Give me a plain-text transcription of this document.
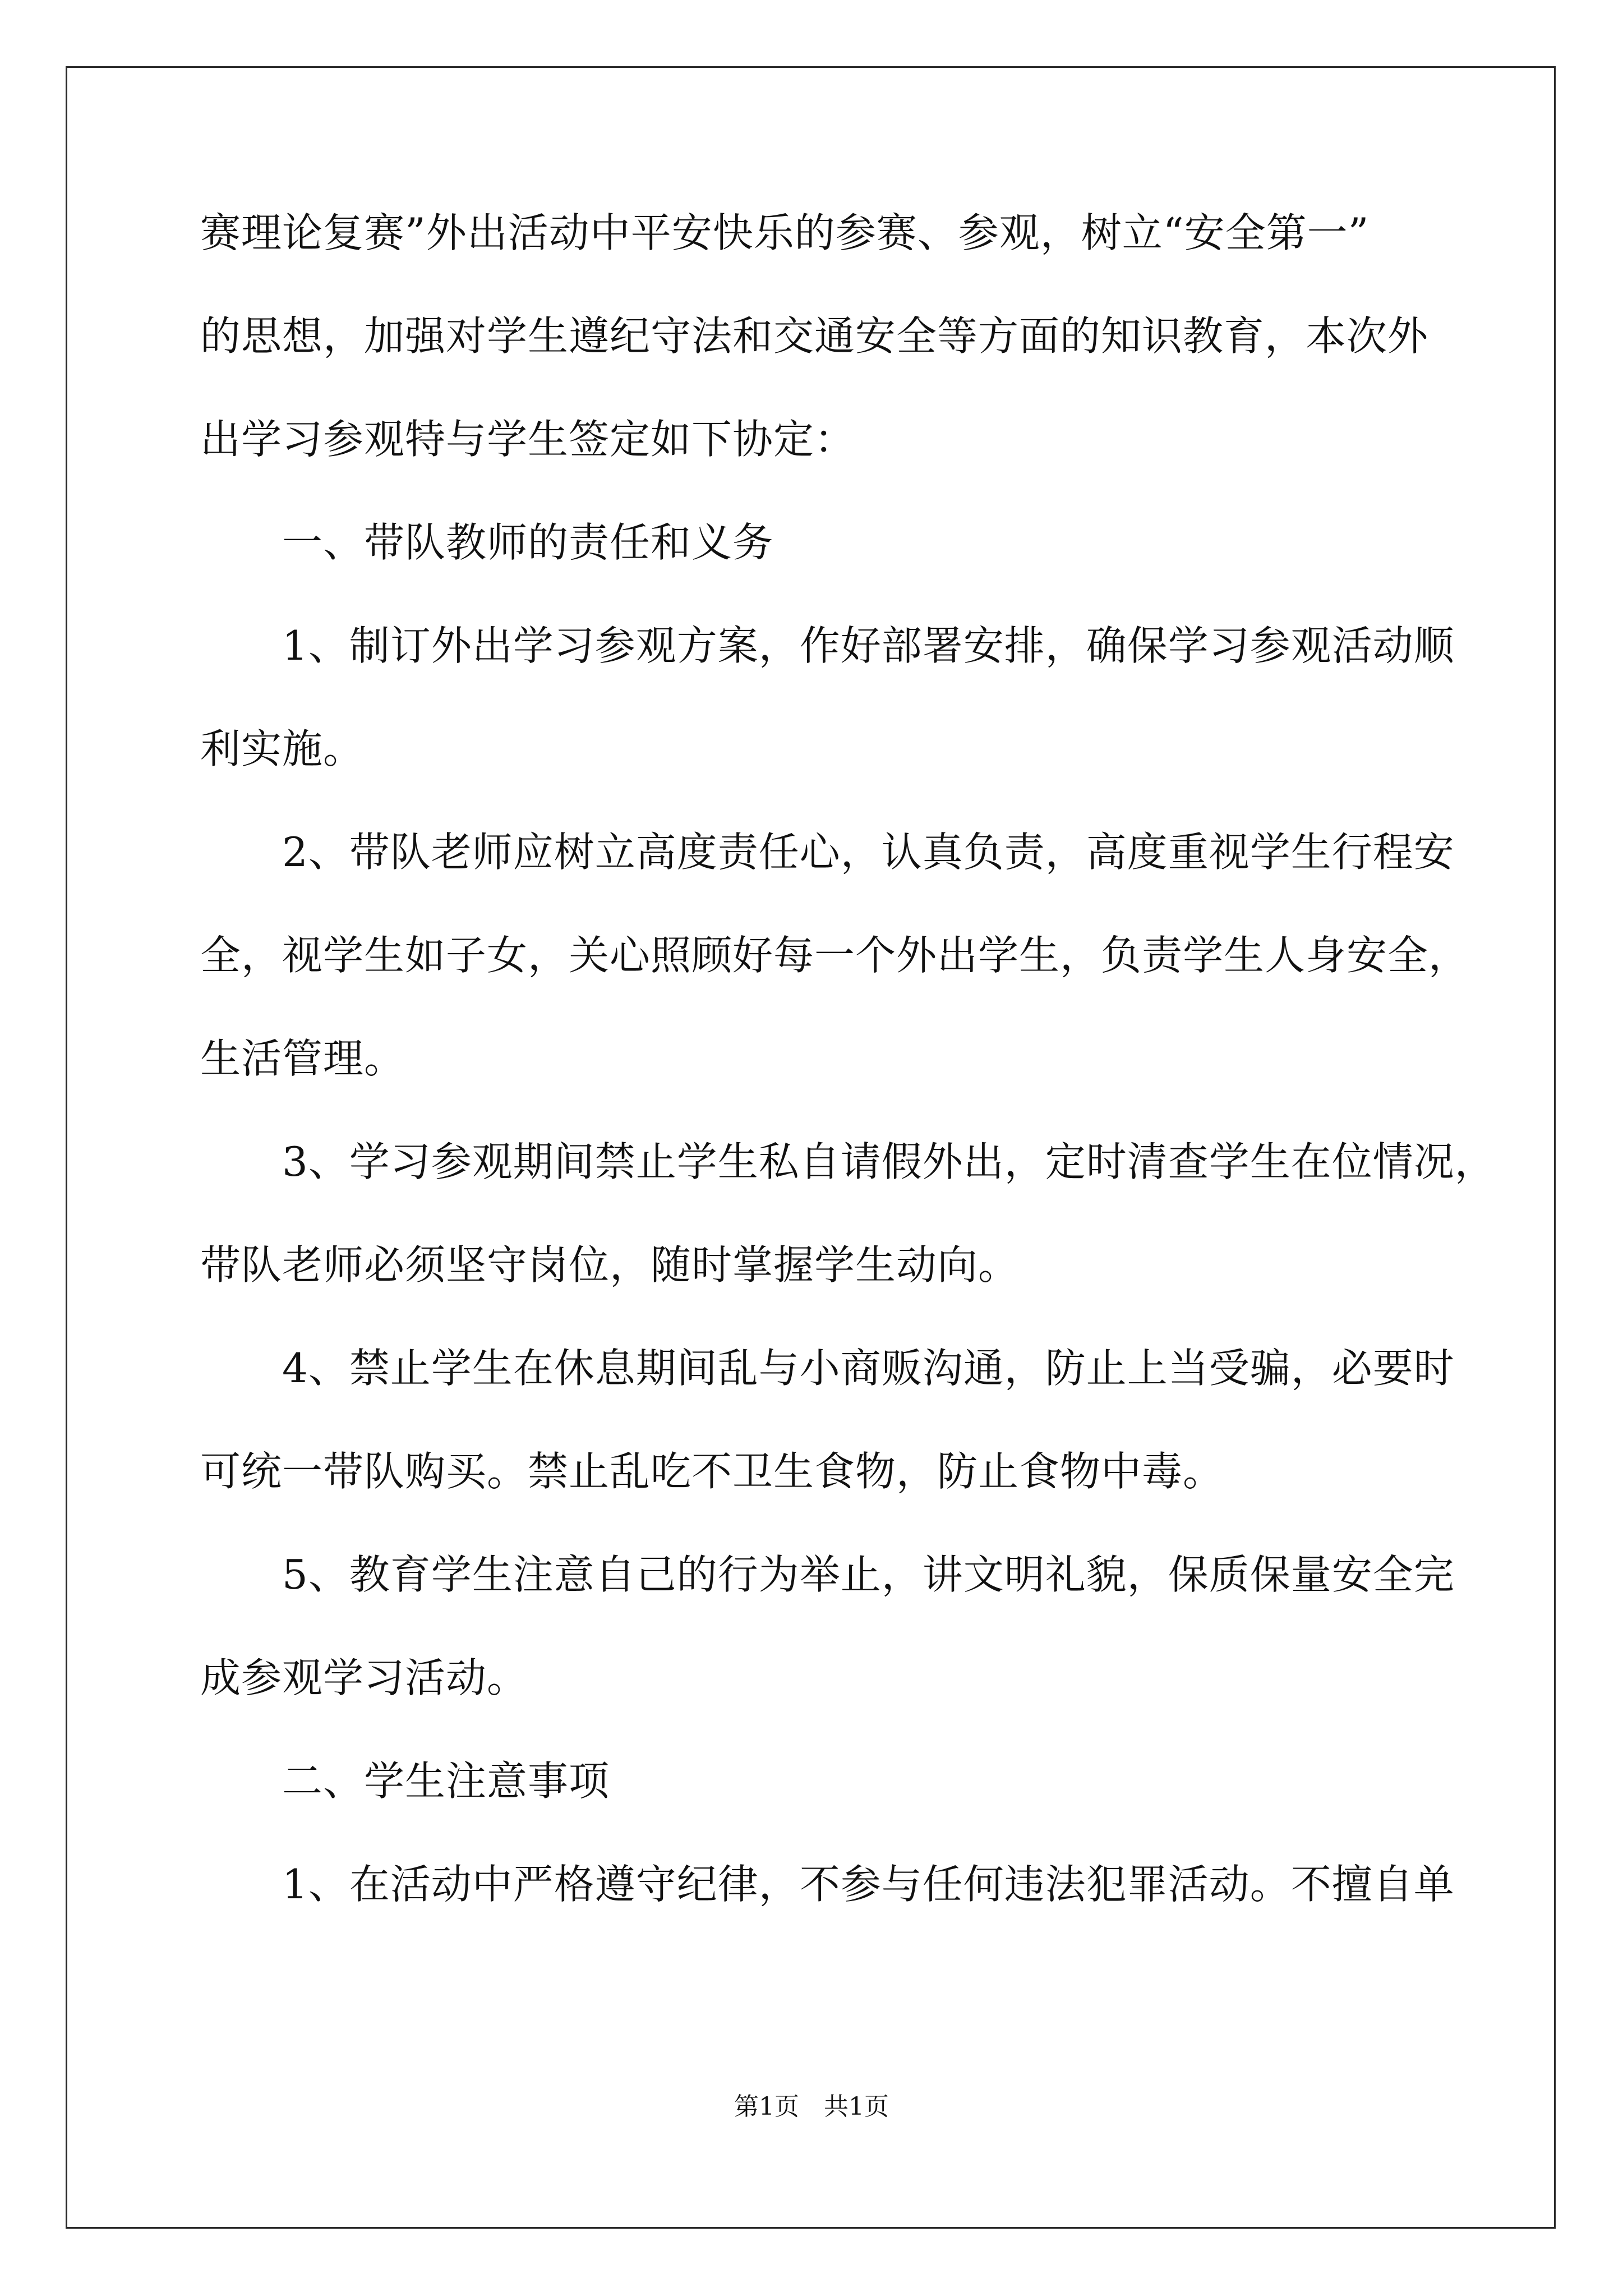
赛理论复赛”外出活动中平安快乐的参赛、参观，树立“安全第一”
的思想，加强对学生遵纪守法和交通安全等方面的知识教育，本次外
出学习参观特与学生签定如下协定：
　　一、带队教师的责任和义务
　　1、制订外出学习参观方案，作好部署安排，确保学习参观活动顺
利实施。
　　2、带队老师应树立高度责任心，认真负责，高度重视学生行程安
全，视学生如子女，关心照顾好每一个外出学生，负责学生人身安全，
生活管理。
　　3、学习参观期间禁止学生私自请假外出，定时清查学生在位情况，
带队老师必须坚守岗位，随时掌握学生动向。
　　4、禁止学生在休息期间乱与小商贩沟通，防止上当受骗，必要时
可统一带队购买。禁止乱吃不卫生食物，防止食物中毒。
　　5、教育学生注意自己的行为举止，讲文明礼貌，保质保量安全完
成参观学习活动。
　　二、学生注意事项
　　1、在活动中严格遵守纪律，不参与任何违法犯罪活动。不擅自单
第1页　共1页
